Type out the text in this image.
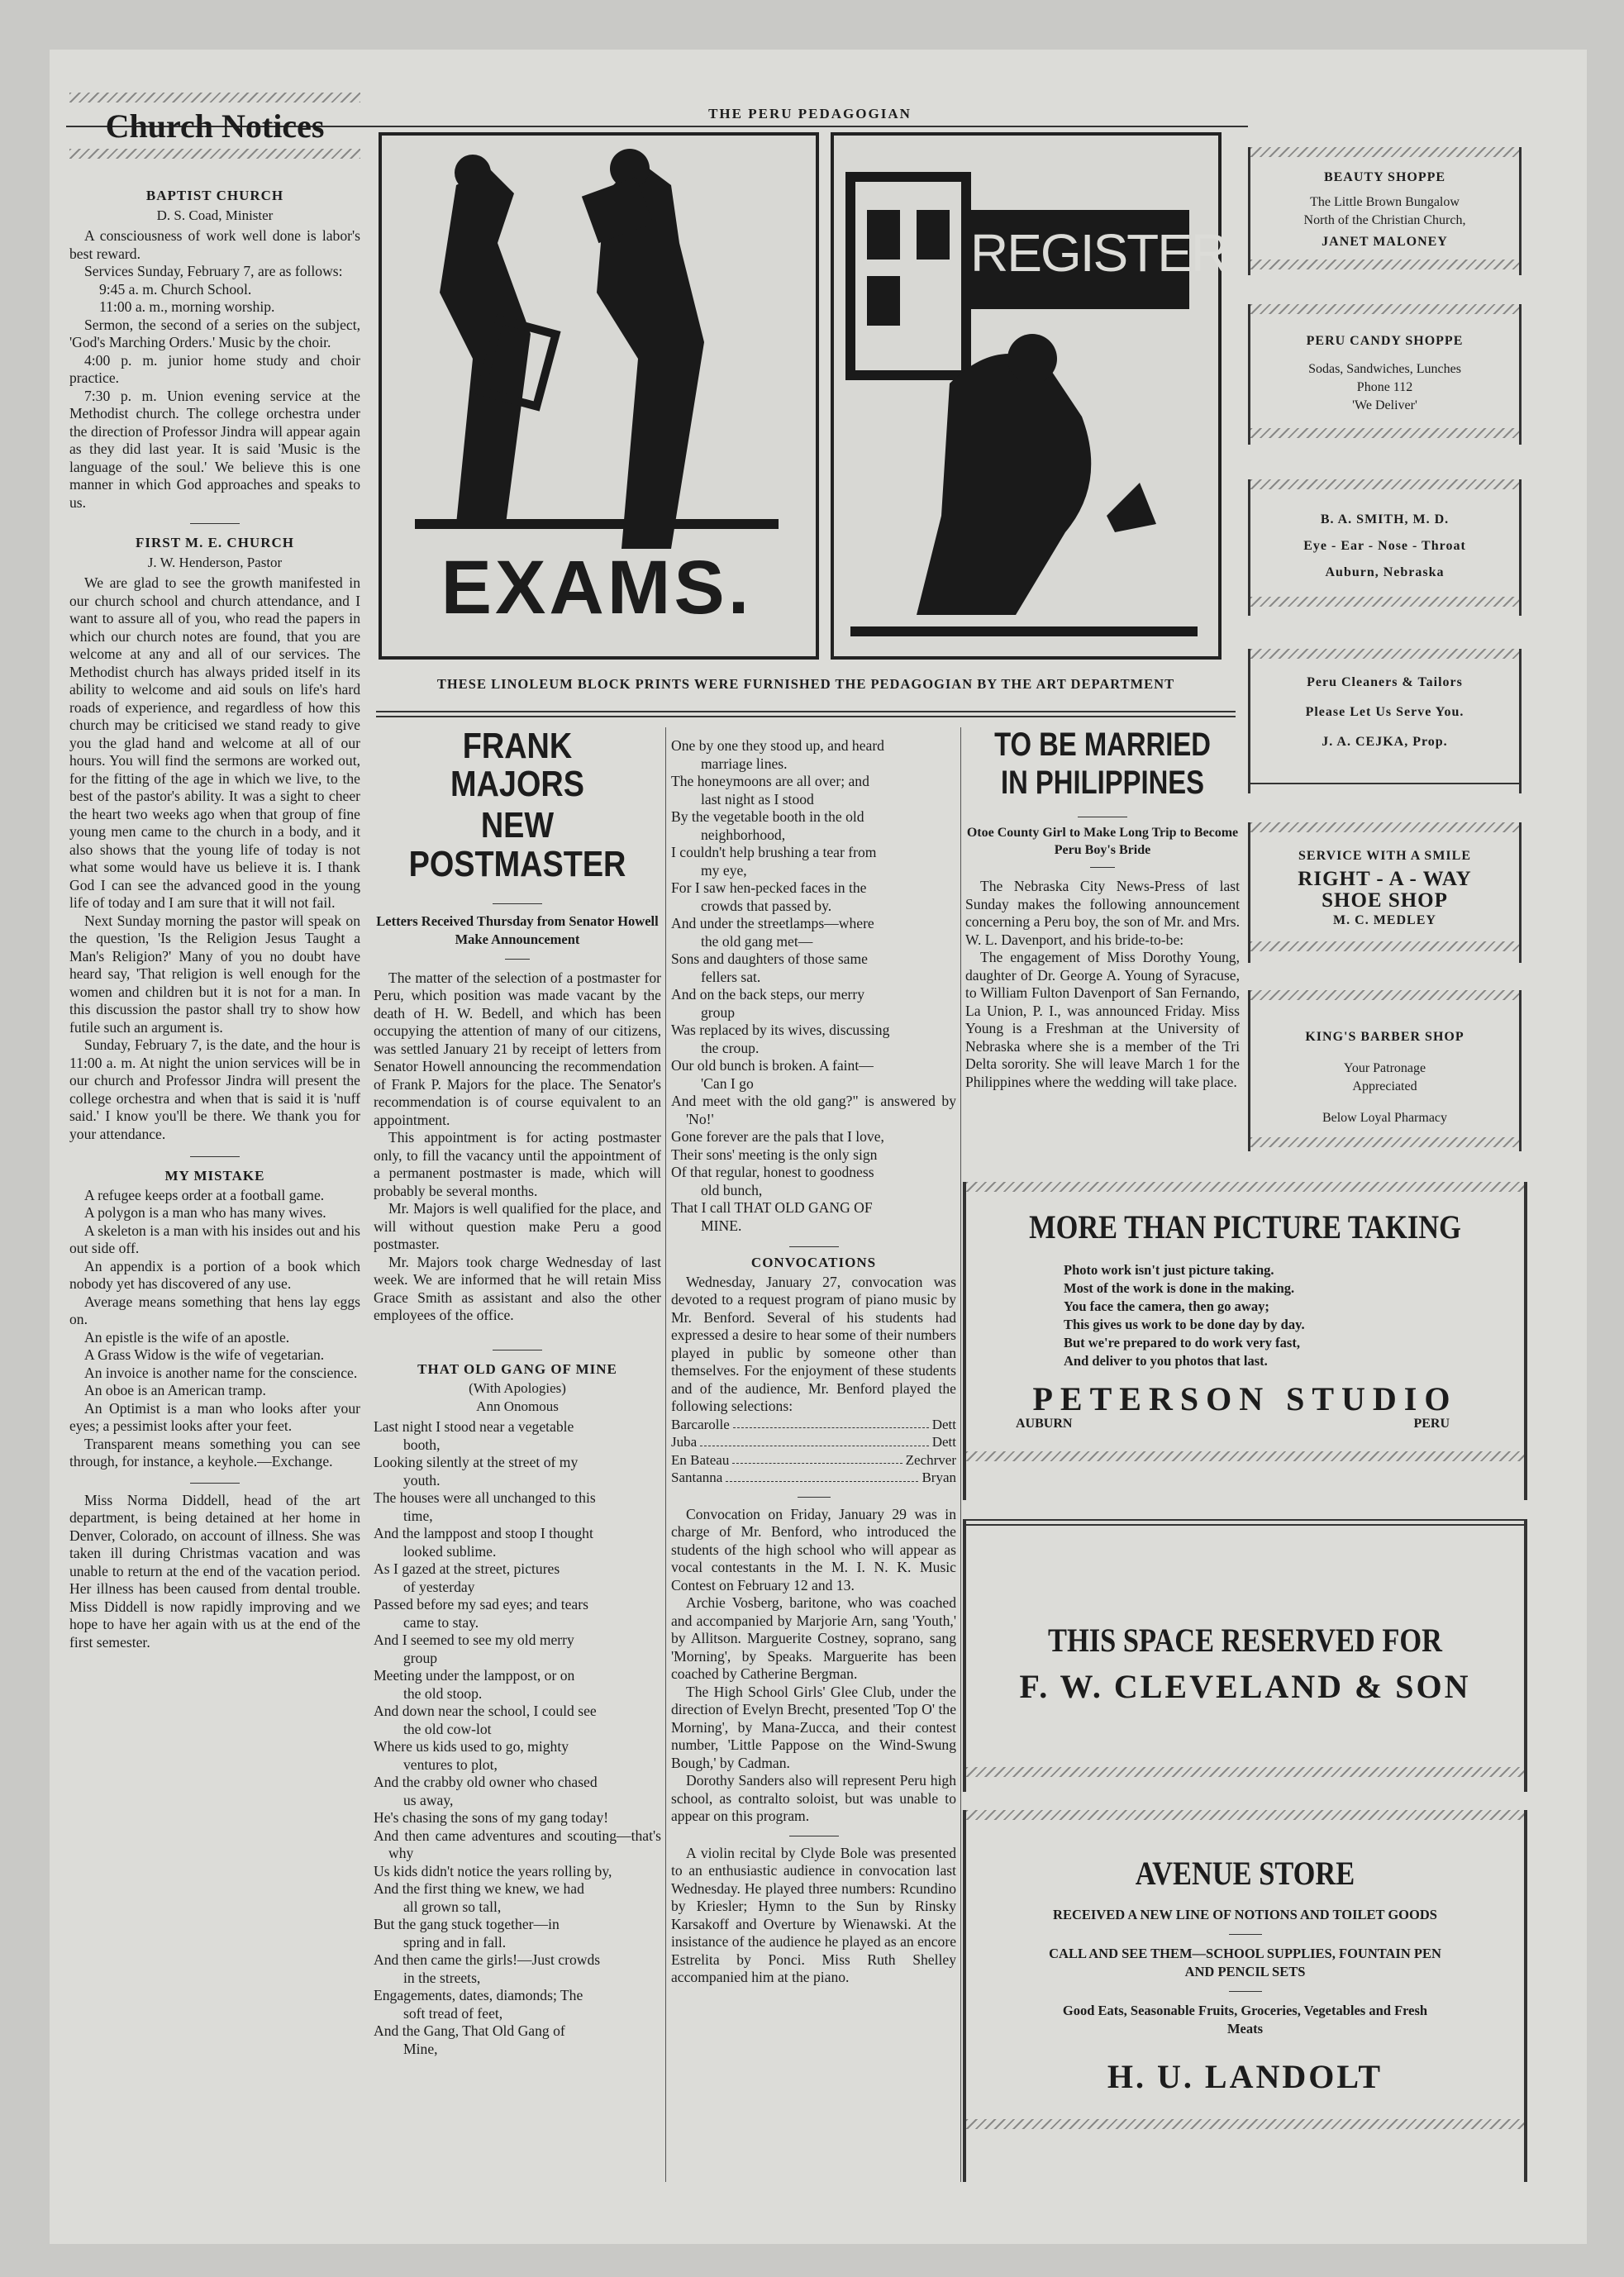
THE PERU PEDAGOGIAN
Church Notices
BAPTIST CHURCH
D. S. Coad, Minister

A consciousness of work well done is labor's best reward.

Services Sunday, February 7, are as follows:

9:45 a. m. Church School.

11:00 a. m., morning worship.

Sermon, the second of a series on the subject, 'God's Marching Orders.' Music by the choir.

4:00 p. m. junior home study and choir practice.

7:30 p. m. Union evening service at the Methodist church. The college orchestra under the direction of Professor Jindra will appear again as they did last year. It is said 'Music is the language of the soul.' We believe this is one manner in which God approaches and speaks to us.

FIRST M. E. CHURCH
J. W. Henderson, Pastor

We are glad to see the growth manifested in our church school and church attendance, and I want to assure all of you, who read the papers in which our church notes are found, that you are welcome at any and all of our services. The Methodist church has always prided itself in its ability to welcome and aid souls on life's hard roads of experience, and regardless of how this church may be criticised we stand ready to give you the glad hand and welcome at all of our hours. You will find the sermons are worked out, for the fitting of the age in which we live, to the best of the pastor's ability. It was a sight to cheer the heart two weeks ago when that group of fine young men came to the church in a body, and it also shows that the young life of today is not what some would have us believe it is. I thank God I can see the advanced good in the young life of today and I am sure that it will not fail.

Next Sunday morning the pastor will speak on the question, 'Is the Religion Jesus Taught a Man's Religion?' Many of you no doubt have heard say, 'That religion is well enough for the women and children but it is not for a man. In this discussion the pastor shall try to show how futile such an argument is.

Sunday, February 7, is the date, and the hour is 11:00 a. m. At night the union services will be in our church and Professor Jindra will present the college orchestra and when that is said it is 'nuff said.' I know you'll be there. We thank you for your attendance.

MY MISTAKE

A refugee keeps order at a football game.

A polygon is a man who has many wives.

A skeleton is a man with his insides out and his out side off.

An appendix is a portion of a book which nobody yet has discovered of any use.

Average means something that hens lay eggs on.

An epistle is the wife of an apostle.

A Grass Widow is the wife of vegetarian.

An invoice is another name for the conscience.

An oboe is an American tramp.

An Optimist is a man who looks after your eyes; a pessimist looks after your feet.

Transparent means something you can see through, for instance, a keyhole.—Exchange.

Miss Norma Diddell, head of the art department, is being detained at her home in Denver, Colorado, on account of illness. She was taken ill during Christmas vacation and was unable to return at the end of the vacation period. Her illness has been caused from dental trouble. Miss Diddell is now rapidly improving and we hope to have her again with us at the end of the first semester.

EXAMS.
REGISTER
THESE LINOLEUM BLOCK PRINTS WERE FURNISHED THE PEDAGOGIAN BY THE ART DEPARTMENT
FRANK MAJORS
NEW POSTMASTER
Letters Received Thursday from Senator Howell Make Announcement

The matter of the selection of a postmaster for Peru, which position was made vacant by the death of H. W. Bedell, and which has been occupying the attention of many of our citizens, was settled January 21 by receipt of letters from Senator Howell announcing the recommendation of Frank P. Majors for the place. The Senator's recommendation is of course equivalent to an appointment.

This appointment is for acting postmaster only, to fill the vacancy until the appointment of a permanent postmaster is made, which will probably be several months.

Mr. Majors is well qualified for the place, and will without question make Peru a good postmaster.

Mr. Majors took charge Wednesday of last week. We are informed that he will retain Miss Grace Smith as assistant and also the other employees of the office.

THAT OLD GANG OF MINE
(With Apologies)
Ann Onomous
Last night I stood near a vegetable
booth,
Looking silently at the street of my
youth.
The houses were all unchanged to this
time,
And the lamppost and stoop I thought
looked sublime.
As I gazed at the street, pictures
of yesterday
Passed before my sad eyes; and tears
came to stay.
And I seemed to see my old merry
group
Meeting under the lamppost, or on
the old stoop.
And down near the school, I could see
the old cow-lot
Where us kids used to go, mighty
ventures to plot,
And the crabby old owner who chased
us away,
He's chasing the sons of my gang today!
And then came adventures and scouting—that's why
Us kids didn't notice the years rolling by,
And the first thing we knew, we had
all grown so tall,
But the gang stuck together—in
spring and in fall.
And then came the girls!—Just crowds
in the streets,
Engagements, dates, diamonds; The
soft tread of feet,
And the Gang, That Old Gang of
Mine,
One by one they stood up, and heard
marriage lines.
The honeymoons are all over; and
last night as I stood
By the vegetable booth in the old
neighborhood,
I couldn't help brushing a tear from
my eye,
For I saw hen-pecked faces in the
crowds that passed by.
And under the streetlamps—where
the old gang met—
Sons and daughters of those same
fellers sat.
And on the back steps, our merry
group
Was replaced by its wives, discussing
the croup.
Our old bunch is broken. A faint—
'Can I go
And meet with the old gang?" is answered by 'No!'
Gone forever are the pals that I love,
Their sons' meeting is the only sign
Of that regular, honest to goodness
old bunch,
That I call THAT OLD GANG OF
MINE.
CONVOCATIONS

Wednesday, January 27, convocation was devoted to a request program of piano music by Mr. Benford. Several of his students had expressed a desire to hear some of their numbers played in public by someone other than themselves. For the enjoyment of these students and of the audience, Mr. Benford played the following selections:

Barcarolle	Dett
Juba	Dett
En Bateau	Zechrver
Santanna	Bryan

Convocation on Friday, January 29 was in charge of Mr. Benford, who introduced the students of the high school who will appear as vocal contestants in the M. I. N. K. Music Contest on February 12 and 13.

Archie Vosberg, baritone, who was coached and accompanied by Marjorie Arn, sang 'Youth,' by Allitson. Marguerite Costney, soprano, sang 'Morning', by Speaks. Marguerite has been coached by Catherine Bergman.

The High School Girls' Glee Club, under the direction of Evelyn Brecht, presented 'Top O' the Morning', by Mana-Zucca, and their contest number, 'Little Pappose on the Wind-Swung Bough,' by Cadman.

Dorothy Sanders also will represent Peru high school, as contralto soloist, but was unable to appear on this program.

A violin recital by Clyde Bole was presented to an enthusiastic audience in convocation last Wednesday. He played three numbers: Rcundino by Kriesler; Hymn to the Sun by Rinsky Karsakoff and Overture by Wienawski. At the insistance of the audience he played as an encore Estrelita by Ponci. Miss Ruth Shelley accompanied him at the piano.

TO BE MARRIED
IN PHILIPPINES
Otoe County Girl to Make Long Trip to Become Peru Boy's Bride

The Nebraska City News-Press of last Sunday makes the following announcement concerning a Peru boy, the son of Mr. and Mrs. W. L. Davenport, and his bride-to-be:

The engagement of Miss Dorothy Young, daughter of Dr. George A. Young of Syracuse, to William Fulton Davenport of San Fernando, La Union, P. I., was announced Friday. Miss Young is a Freshman at the University of Nebraska where she is a member of the Tri Delta sorority. She will leave March 1 for the Philippines where the wedding will take place.

BEAUTY SHOPPE
The Little Brown Bungalow
North of the Christian Church,
JANET MALONEY
PERU CANDY SHOPPE
Sodas, Sandwiches, Lunches
Phone 112
'We Deliver'
B. A. SMITH, M. D.
Eye - Ear - Nose - Throat
Auburn, Nebraska
Peru Cleaners & Tailors
Please Let Us Serve You.
J. A. CEJKA, Prop.
SERVICE WITH A SMILE
RIGHT - A - WAY
SHOE SHOP
M. C. MEDLEY
KING'S BARBER SHOP
Your Patronage
Appreciated
Below Loyal Pharmacy
MORE THAN PICTURE TAKING
Photo work isn't just picture taking.
Most of the work is done in the making.
You face the camera, then go away;
This gives us work to be done day by day.
But we're prepared to do work very fast,
And deliver to you photos that last.
PETERSON STUDIO
AUBURN	PERU
THIS SPACE RESERVED FOR
F. W. CLEVELAND & SON
AVENUE STORE
RECEIVED A NEW LINE OF NOTIONS AND TOILET GOODS
CALL AND SEE THEM—SCHOOL SUPPLIES, FOUNTAIN PEN AND PENCIL SETS
Good Eats, Seasonable Fruits, Groceries, Vegetables and Fresh Meats
H. U. LANDOLT
